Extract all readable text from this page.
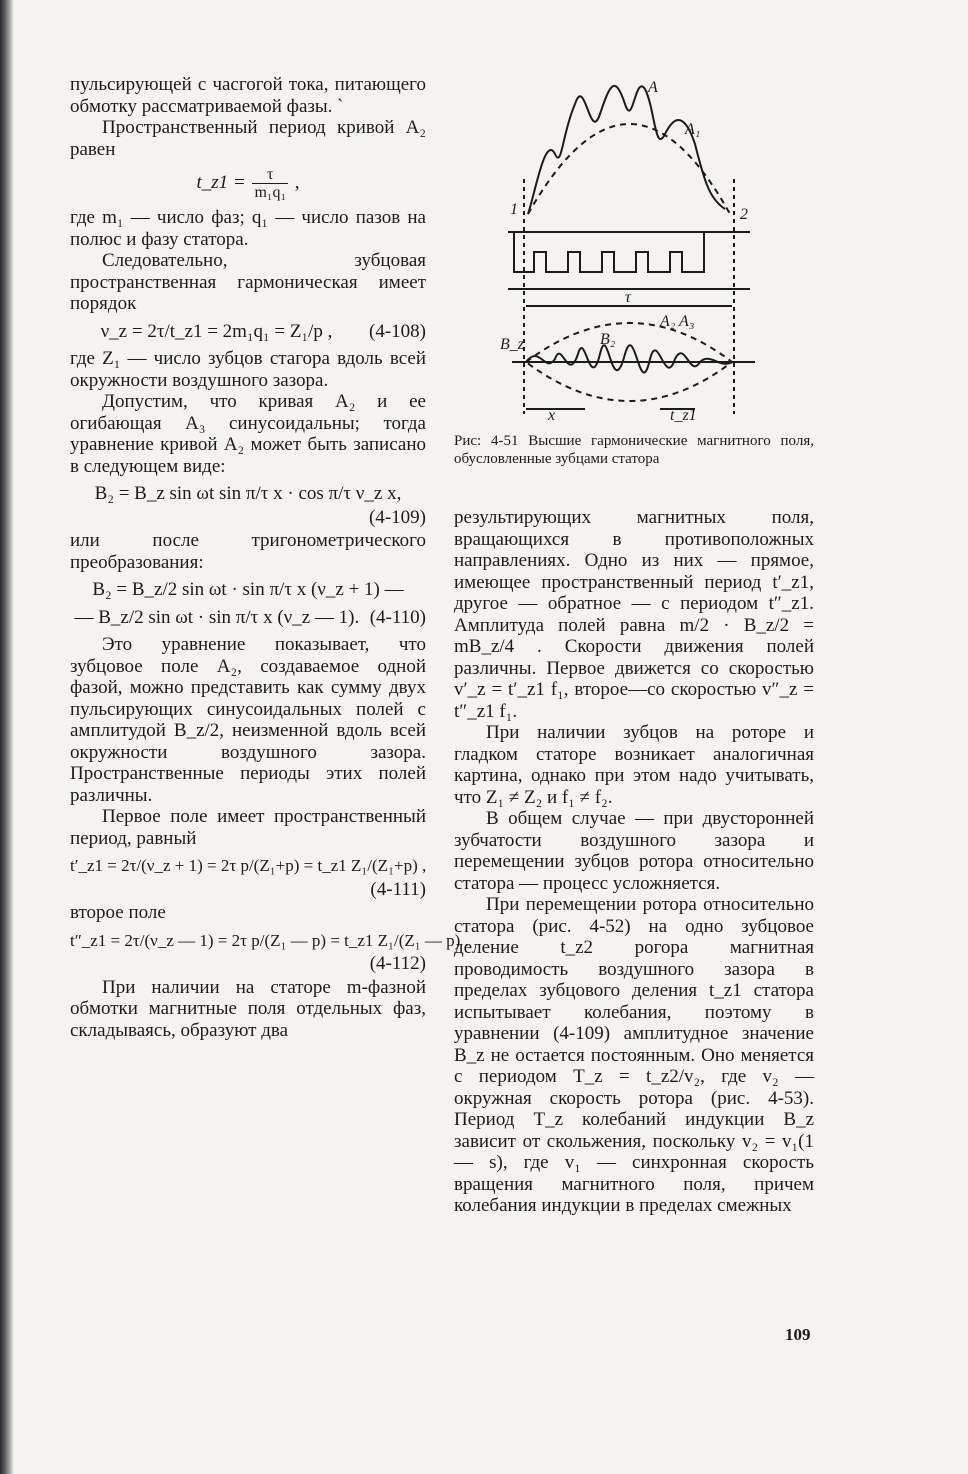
пульсирующей с часгогой тока, питающего обмотку рассматриваемой фазы. `

Пространственный период кривой A₂ равен

t_z1 = $\frac{\tau}{\text{m₁q₁}}$ ,

где m₁ — число фаз; q₁ — число пазов на полюс и фазу статора.

Следовательно, зубцовая пространственная гармоническая имеет порядок

ν_z = 2τ/t_z1 = 2m₁q₁ = Z₁/p ,	(4-108)

где Z₁ — число зубцов стагора вдоль всей окружности воздушного зазора.

Допустим, что кривая A₂ и ее огибающая A₃ синусоидальны; тогда уравнение кривой A₂ может быть записано в следующем виде:

B₂ = B_z sin ωt sin π/τ x · cos π/τ ν_z x,
(4-109)

или после тригонометрического преобразования:

B₂ = B_z/2 sin ωt · sin π/τ x (ν_z + 1) —
— B_z/2 sin ωt · sin π/τ x (ν_z — 1). (4-110)

Это уравнение показывает, что зубцовое поле A₂, создаваемое одной фазой, можно представить как сумму двух пульсирующих синусоидальных полей с амплитудой B_z/2, неизменной вдоль всей окружности воздушного зазора. Пространственные периоды этих полей различны.

Первое поле имеет пространственный период, равный

t′_z1 = 2τ/(ν_z + 1) = 2τ p/(Z₁+p) = t_z1 Z₁/(Z₁+p) ,
(4-111)

второе поле

t″_z1 = 2τ/(ν_z — 1) = 2τ p/(Z₁ — p) = t_z1 Z₁/(Z₁ — p) .
(4-112)

При наличии на статоре m-фазной обмотки магнитные поля отдельных фаз, складываясь, образуют два

A
A₁
1	2
τ
A₂ A₃
B_z	B₂
x	t_z1
Рис: 4-51 Высшие гармонические магнитного поля, обусловленные зубцами статора

результирующих магнитных поля, вращающихся в противоположных направлениях. Одно из них — прямое, имеющее пространственный период t′_z1, другое — обратное — с периодом t″_z1. Амплитуда полей равна m/2 · B_z/2 = mB_z/4 . Скорости движения полей различны. Первое движется со скоростью v′_z = t′_z1 f₁, второе—со скоростью v″_z = t″_z1 f₁.

При наличии зубцов на роторе и гладком статоре возникает аналогичная картина, однако при этом надо учитывать, что Z₁ ≠ Z₂ и f₁ ≠ f₂.

В общем случае — при двусторонней зубчатости воздушного зазора и перемещении зубцов ротора относительно статора — процесс усложняется.

При перемещении ротора относительно статора (рис. 4-52) на одно зубцовое деление t_z2 рогора магнитная проводимость воздушного зазора в пределах зубцового деления t_z1 статора испытывает колебания, поэтому в уравнении (4-109) амплитудное значение B_z не остается постоянным. Оно меняется с периодом T_z = t_z2/v₂, где v₂ — окружная скорость ротора (рис. 4-53). Период T_z колебаний индукции B_z зависит от скольжения, поскольку v₂ = v₁(1 — s), где v₁ — синхронная скорость вращения магнитного поля, причем колебания индукции в пределах смежных

109
